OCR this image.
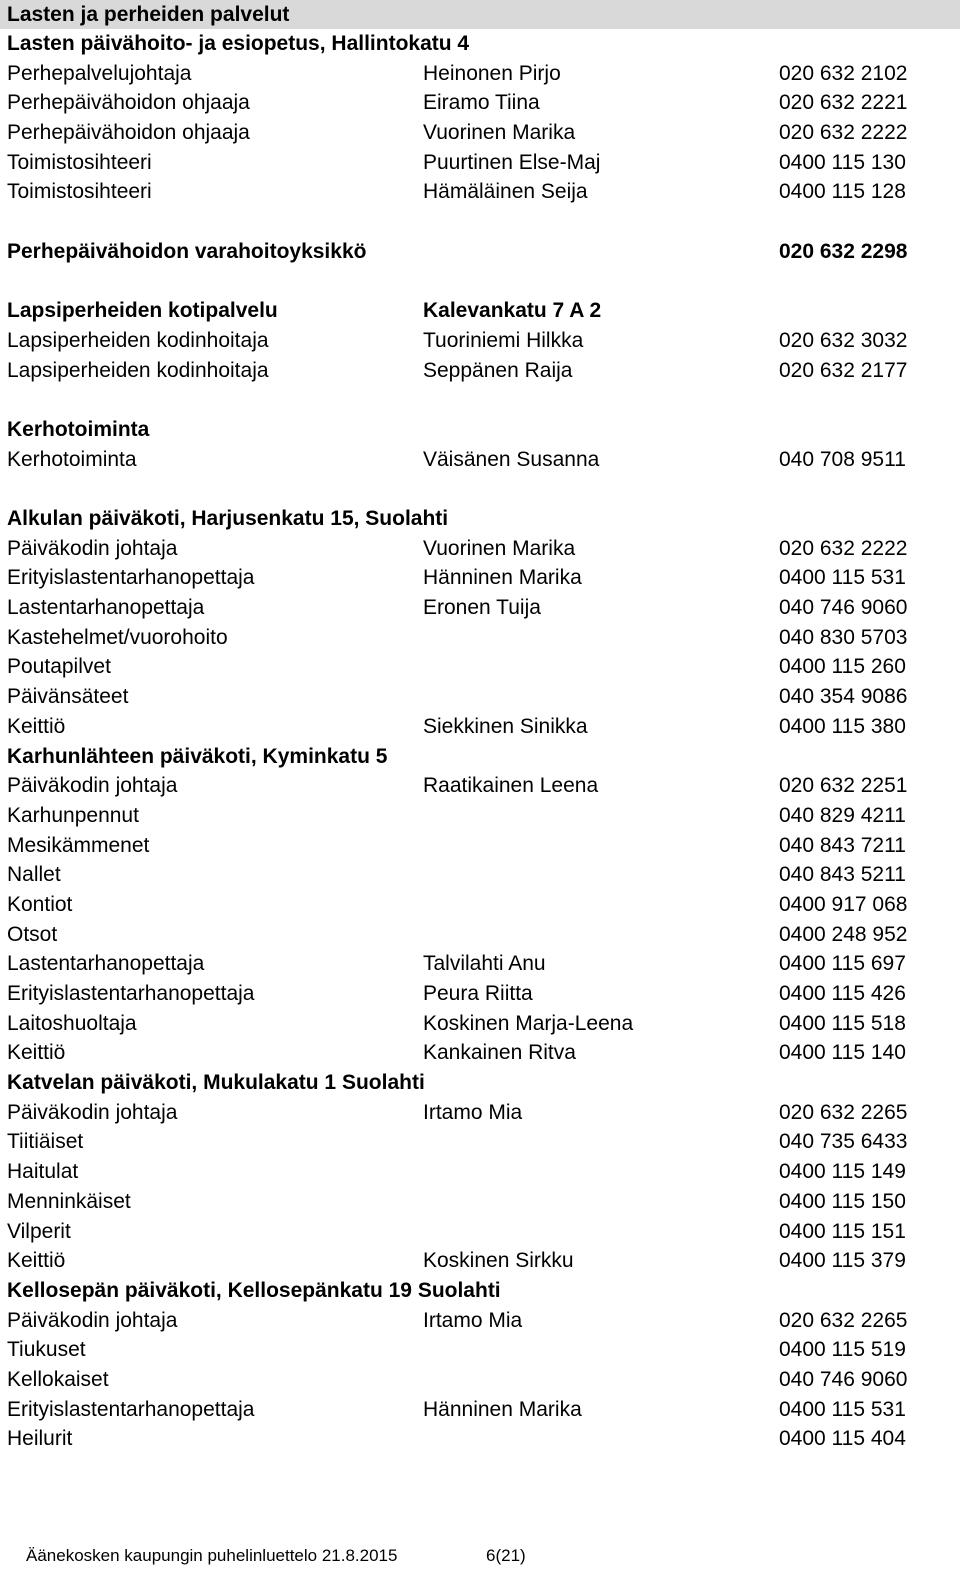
Lasten ja perheiden palvelut
Lasten päivähoito- ja esiopetus, Hallintokatu 4
Perhepalvelujohtaja	Heinonen Pirjo	020 632 2102
Perhepäivähoidon ohjaaja	Eiramo Tiina	020 632 2221
Perhepäivähoidon ohjaaja	Vuorinen Marika	020 632 2222
Toimistosihteeri	Puurtinen Else-Maj	0400 115 130
Toimistosihteeri	Hämäläinen Seija	0400 115 128
Perhepäivähoidon varahoitoyksikkö	020 632 2298
Lapsiperheiden kotipalvelu	Kalevankatu 7 A 2
Lapsiperheiden kodinhoitaja	Tuoriniemi Hilkka	020 632 3032
Lapsiperheiden kodinhoitaja	Seppänen Raija	020 632 2177
Kerhotoiminta
Kerhotoiminta	Väisänen Susanna	040 708 9511
Alkulan päiväkoti, Harjusenkatu 15, Suolahti
Päiväkodin johtaja	Vuorinen Marika	020 632 2222
Erityislastentarhanopettaja	Hänninen Marika	0400 115 531
Lastentarhanopettaja	Eronen Tuija	040 746 9060
Kastehelmet/vuorohoito	040 830 5703
Poutapilvet	0400 115 260
Päivänsäteet	040 354 9086
Keittiö	Siekkinen Sinikka	0400 115 380
Karhunlähteen päiväkoti, Kyminkatu 5
Päiväkodin johtaja	Raatikainen Leena	020 632 2251
Karhunpennut	040 829 4211
Mesikämmenet	040 843 7211
Nallet	040 843 5211
Kontiot	0400 917 068
Otsot	0400 248 952
Lastentarhanopettaja	Talvilahti Anu	0400 115 697
Erityislastentarhanopettaja	Peura Riitta	0400 115 426
Laitoshuoltaja	Koskinen Marja-Leena	0400 115 518
Keittiö	Kankainen Ritva	0400 115 140
Katvelan päiväkoti, Mukulakatu 1 Suolahti
Päiväkodin johtaja	Irtamo Mia	020 632 2265
Tiitiäiset	040 735 6433
Haitulat	0400 115 149
Menninkäiset	0400 115 150
Vilperit	0400 115 151
Keittiö	Koskinen Sirkku	0400 115 379
Kellosepän päiväkoti, Kellosepänkatu 19 Suolahti
Päiväkodin johtaja	Irtamo Mia	020 632 2265
Tiukuset	0400 115 519
Kellokaiset	040 746 9060
Erityislastentarhanopettaja	Hänninen Marika	0400 115 531
Heilurit	0400 115 404
Äänekosken kaupungin puhelinluettelo 21.8.2015	6(21)
